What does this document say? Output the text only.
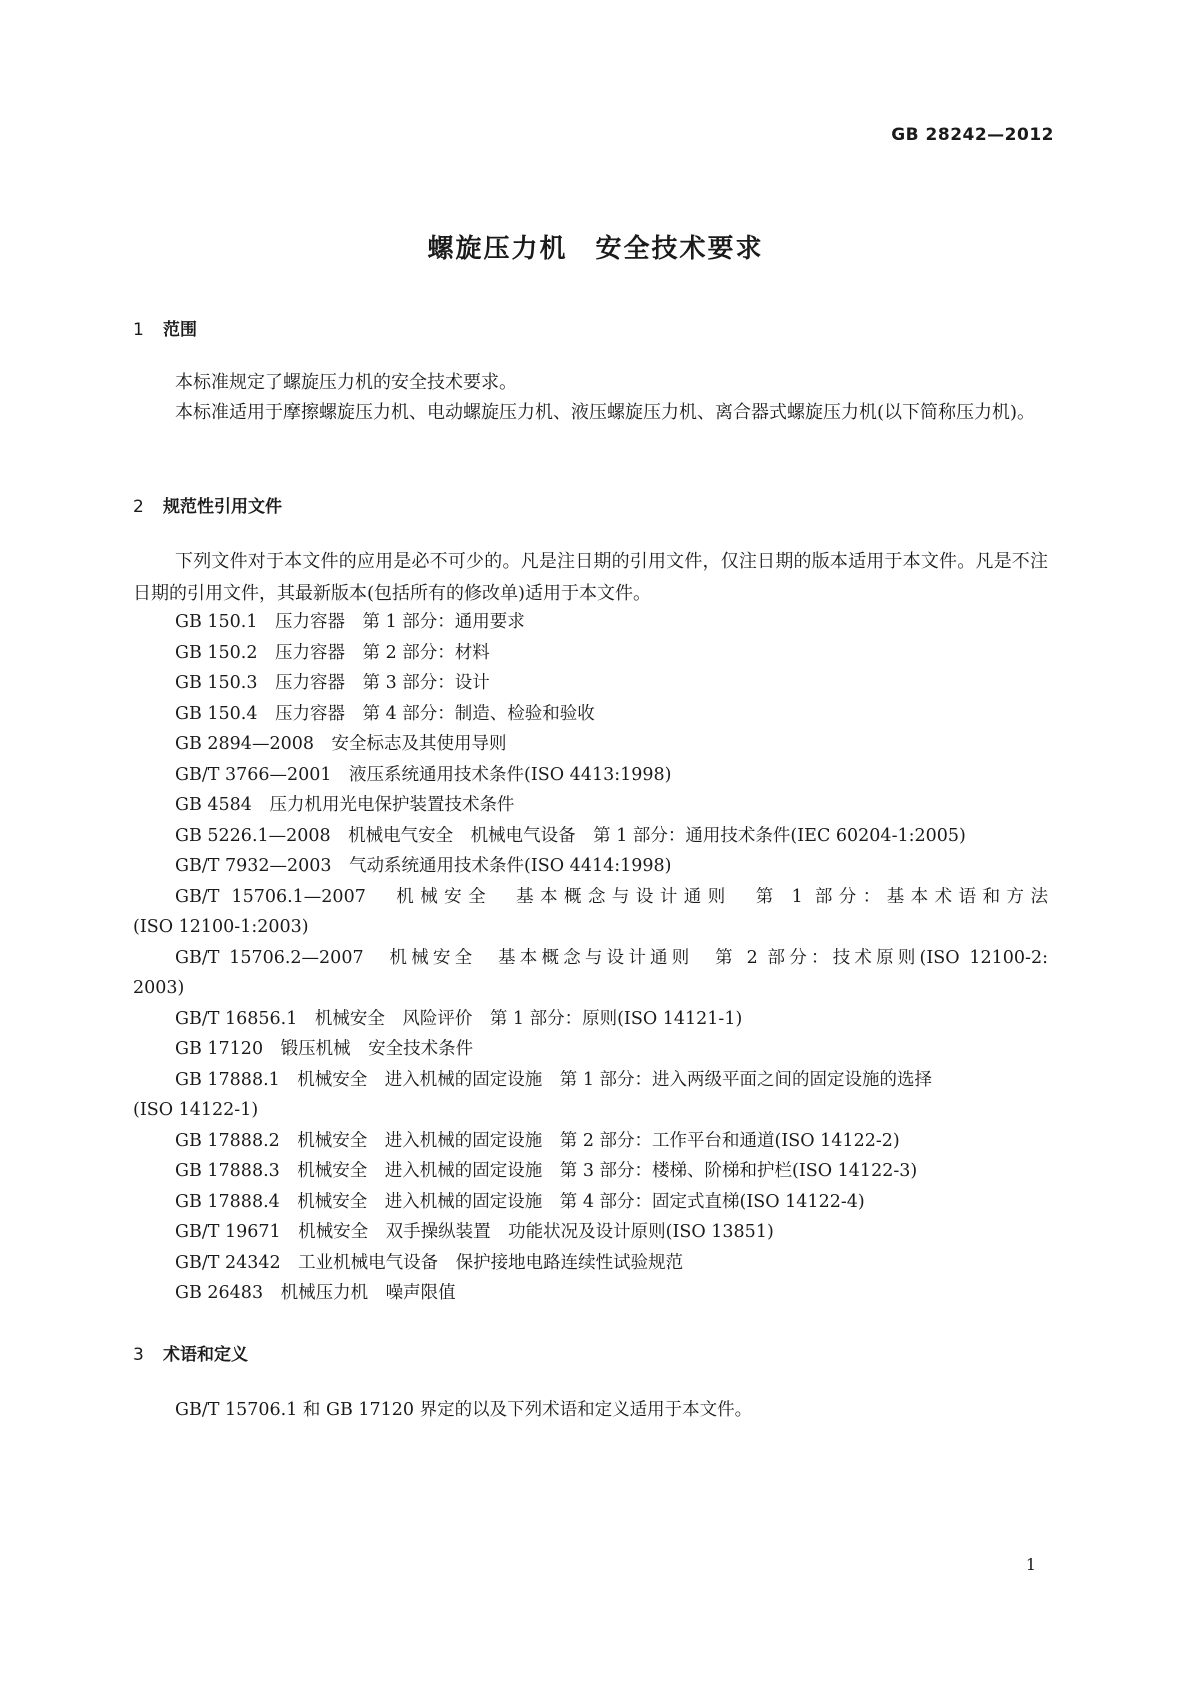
GB 28242—2012
螺旋压力机　安全技术要求
1 范围

本标准规定了螺旋压力机的安全技术要求。

本标准适用于摩擦螺旋压力机、电动螺旋压力机、液压螺旋压力机、离合器式螺旋压力机(以下简称压力机)。

2 规范性引用文件

下列文件对于本文件的应用是必不可少的。凡是注日期的引用文件，仅注日期的版本适用于本文件。凡是不注日期的引用文件，其最新版本(包括所有的修改单)适用于本文件。

GB 150.1　压力容器　第 1 部分：通用要求
GB 150.2　压力容器　第 2 部分：材料
GB 150.3　压力容器　第 3 部分：设计
GB 150.4　压力容器　第 4 部分：制造、检验和验收
GB 2894—2008　安全标志及其使用导则
GB/T 3766—2001　液压系统通用技术条件(ISO 4413:1998)
GB 4584　压力机用光电保护装置技术条件
GB 5226.1—2008　机械电气安全　机械电气设备　第 1 部分：通用技术条件(IEC 60204-1:2005)
GB/T 7932—2003　气动系统通用技术条件(ISO 4414:1998)
GB/T 15706.1—2007　机械安全　基本概念与设计通则　第 1 部分：基本术语和方法
(ISO 12100-1:2003)
GB/T 15706.2—2007　机械安全　基本概念与设计通则　第 2 部分：技术原则(ISO 12100-2:
2003)
GB/T 16856.1　机械安全　风险评价　第 1 部分：原则(ISO 14121-1)
GB 17120　锻压机械　安全技术条件
GB 17888.1　机械安全　进入机械的固定设施　第 1 部分：进入两级平面之间的固定设施的选择
(ISO 14122-1)
GB 17888.2　机械安全　进入机械的固定设施　第 2 部分：工作平台和通道(ISO 14122-2)
GB 17888.3　机械安全　进入机械的固定设施　第 3 部分：楼梯、阶梯和护栏(ISO 14122-3)
GB 17888.4　机械安全　进入机械的固定设施　第 4 部分：固定式直梯(ISO 14122-4)
GB/T 19671　机械安全　双手操纵装置　功能状况及设计原则(ISO 13851)
GB/T 24342　工业机械电气设备　保护接地电路连续性试验规范
GB 26483　机械压力机　噪声限值
3 术语和定义
GB/T 15706.1 和 GB 17120 界定的以及下列术语和定义适用于本文件。
1
